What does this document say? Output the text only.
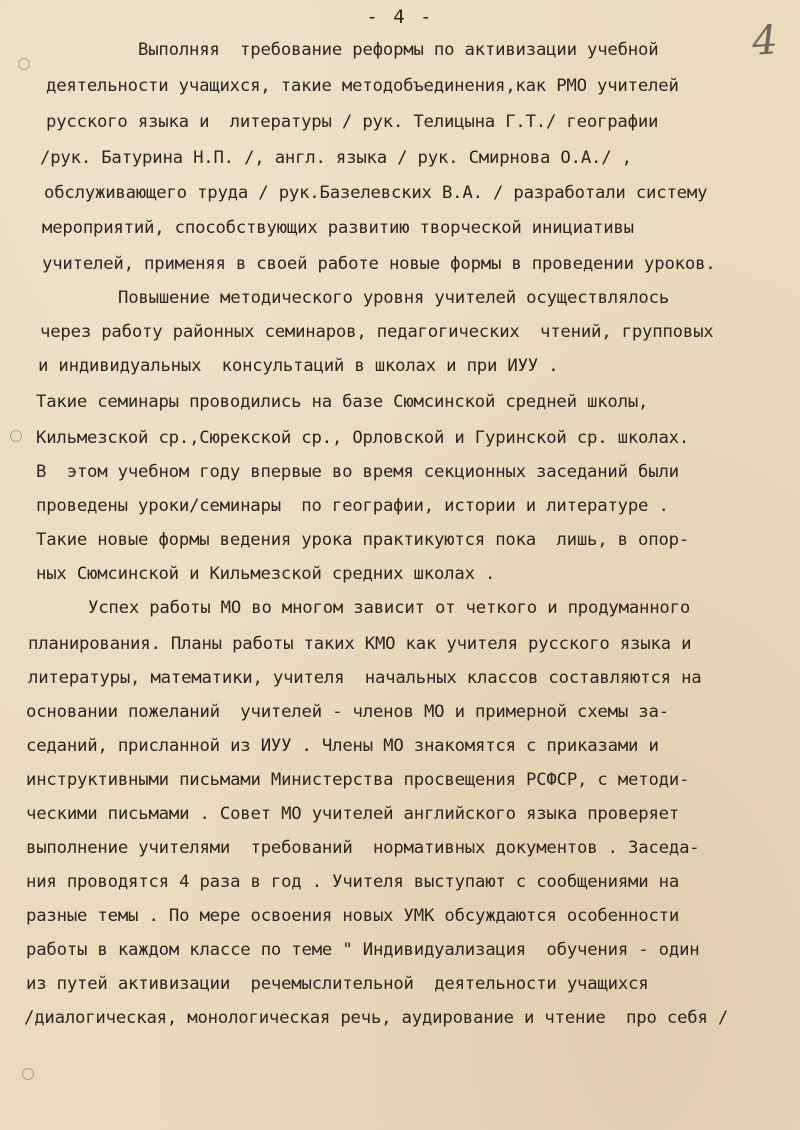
- 4 -
4
Выполняя  требование реформы по активизации учебной
деятельности учащихся, такие методобъединения,как РМО учителей
русского языка и  литературы / рук. Телицына Г.Т./ географии
/рук. Батурина Н.П. /, англ. языка / рук. Смирнова О.А./ ,
обслуживающего труда / рук.Базелевских В.А. / разработали систему
мероприятий, способствующих развитию творческой инициативы
учителей, применяя в своей работе новые формы в проведении уроков.
Повышение методического уровня учителей осуществлялось
через работу районных семинаров, педагогических  чтений, групповых
и индивидуальных  консультаций в школах и при ИУУ .
Такие семинары проводились на базе Сюмсинской средней школы,
Кильмезской ср.,Сюрекской ср., Орловской и Гуринской ср. школах.
В  этом учебном году впервые во время секционных заседаний были
проведены уроки/семинары  по географии, истории и литературе .
Такие новые формы ведения урока практикуются пока  лишь, в опор-
ных Сюмсинской и Кильмезской средних школах .
Успех работы МО во многом зависит от четкого и продуманного
планирования. Планы работы таких КМО как учителя русского языка и
литературы, математики, учителя  начальных классов составляются на
основании пожеланий  учителей - членов МО и примерной схемы за-
седаний, присланной из ИУУ . Члены МО знакомятся с приказами и
инструктивными письмами Министерства просвещения РСФСР, с методи-
ческими письмами . Совет МО учителей английского языка проверяет
выполнение учителями  требований  нормативных документов . Заседа-
ния проводятся 4 раза в год . Учителя выступают с сообщениями на
разные темы . По мере освоения новых УМК обсуждаются особенности
работы в каждом классе по теме " Индивидуализация  обучения - один
из путей активизации  речемыслительной  деятельности учащихся
/диалогическая, монологическая речь, аудирование и чтение  про себя /
